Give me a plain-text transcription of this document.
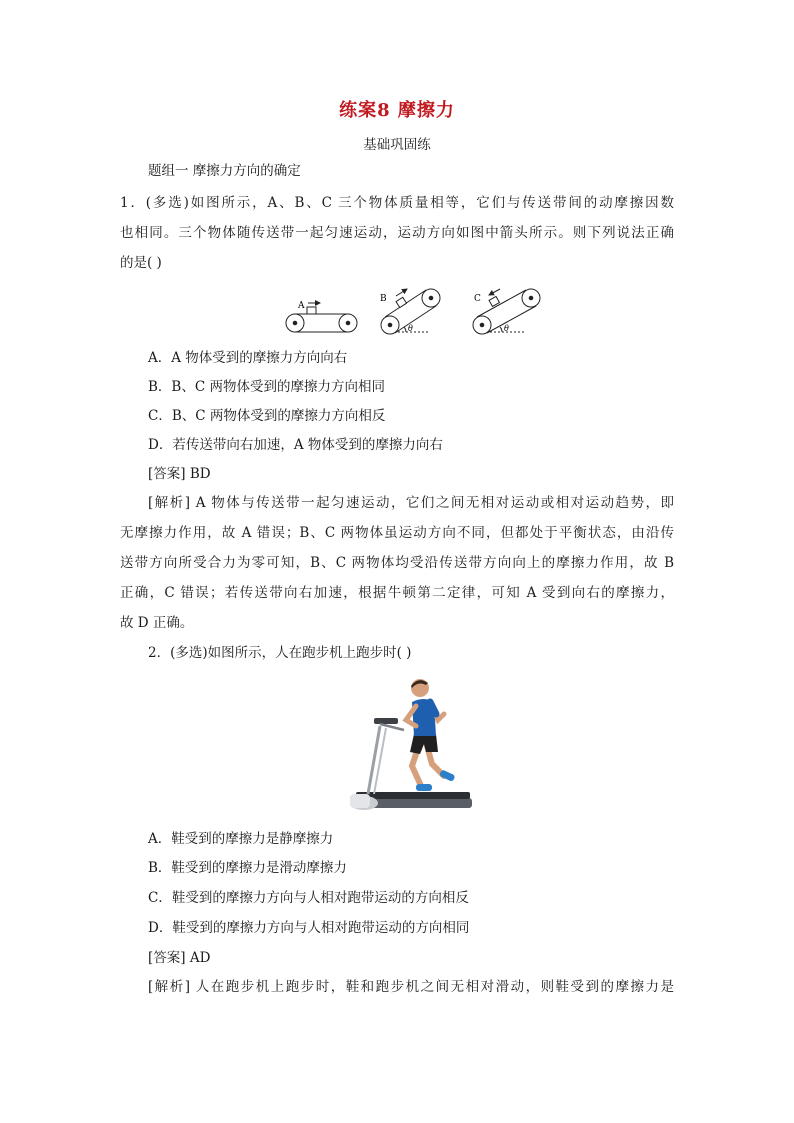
练案8 摩擦力
基础巩固练
题组一 摩擦力方向的确定
1．(多选)如图所示，A、B、C 三个物体质量相等，它们与传送带间的动摩擦因数
也相同。三个物体随传送带一起匀速运动，运动方向如图中箭头所示。则下列说法正确
的是( )
A
B
θ
C
θ
A．A 物体受到的摩擦力方向向右
B．B、C 两物体受到的摩擦力方向相同
C．B、C 两物体受到的摩擦力方向相反
D．若传送带向右加速，A 物体受到的摩擦力向右
[答案] BD
[解析] A 物体与传送带一起匀速运动，它们之间无相对运动或相对运动趋势，即
无摩擦力作用，故 A 错误；B、C 两物体虽运动方向不同，但都处于平衡状态，由沿传
送带方向所受合力为零可知，B、C 两物体均受沿传送带方向向上的摩擦力作用，故 B
正确，C 错误；若传送带向右加速，根据牛顿第二定律，可知 A 受到向右的摩擦力，
故 D 正确。
2．(多选)如图所示，人在跑步机上跑步时( )
A．鞋受到的摩擦力是静摩擦力
B．鞋受到的摩擦力是滑动摩擦力
C．鞋受到的摩擦力方向与人相对跑带运动的方向相反
D．鞋受到的摩擦力方向与人相对跑带运动的方向相同
[答案] AD
[解析] 人在跑步机上跑步时，鞋和跑步机之间无相对滑动，则鞋受到的摩擦力是
